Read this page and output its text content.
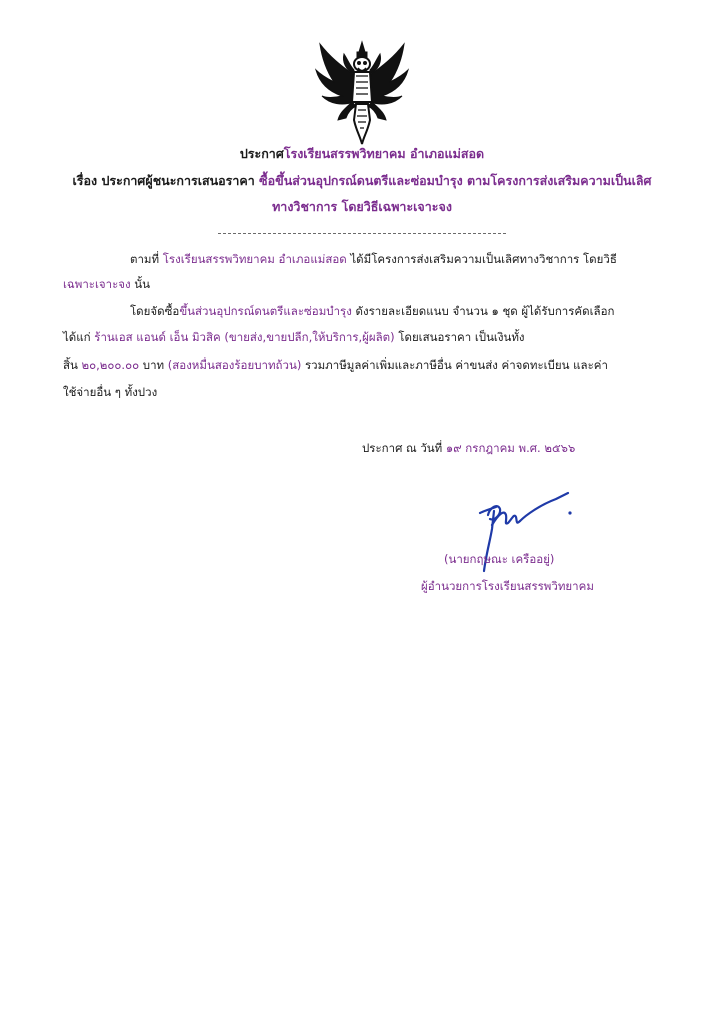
ประกาศโรงเรียนสรรพวิทยาคม อำเภอแม่สอด
เรื่อง ประกาศผู้ชนะการเสนอราคา ซื้อขึ้นส่วนอุปกรณ์ดนตรีและซ่อมบำรุง ตามโครงการส่งเสริมความเป็นเลิศ
ทางวิชาการ โดยวิธีเฉพาะเจาะจง
ตามที่ โรงเรียนสรรพวิทยาคม อำเภอแม่สอด ได้มีโครงการส่งเสริมความเป็นเลิศทางวิชาการ โดยวิธี
เฉพาะเจาะจง นั้น
โดยจัดซื้อขึ้นส่วนอุปกรณ์ดนตรีและซ่อมบำรุง ดังรายละเอียดแนบ จำนวน ๑ ชุด ผู้ได้รับการคัดเลือก
ได้แก่ ร้านเอส แอนด์ เอ็น มิวสิค (ขายส่ง,ขายปลีก,ให้บริการ,ผู้ผลิต) โดยเสนอราคา เป็นเงินทั้ง
สิ้น ๒๐,๒๐๐.๐๐ บาท (สองหมื่นสองร้อยบาทถ้วน) รวมภาษีมูลค่าเพิ่มและภาษีอื่น ค่าขนส่ง ค่าจดทะเบียน และค่า
ใช้จ่ายอื่น ๆ ทั้งปวง
ประกาศ ณ วันที่ ๑๙ กรกฎาคม พ.ศ. ๒๕๖๖
(นายกฤษณะ เครืออยู่)
ผู้อำนวยการโรงเรียนสรรพวิทยาคม
